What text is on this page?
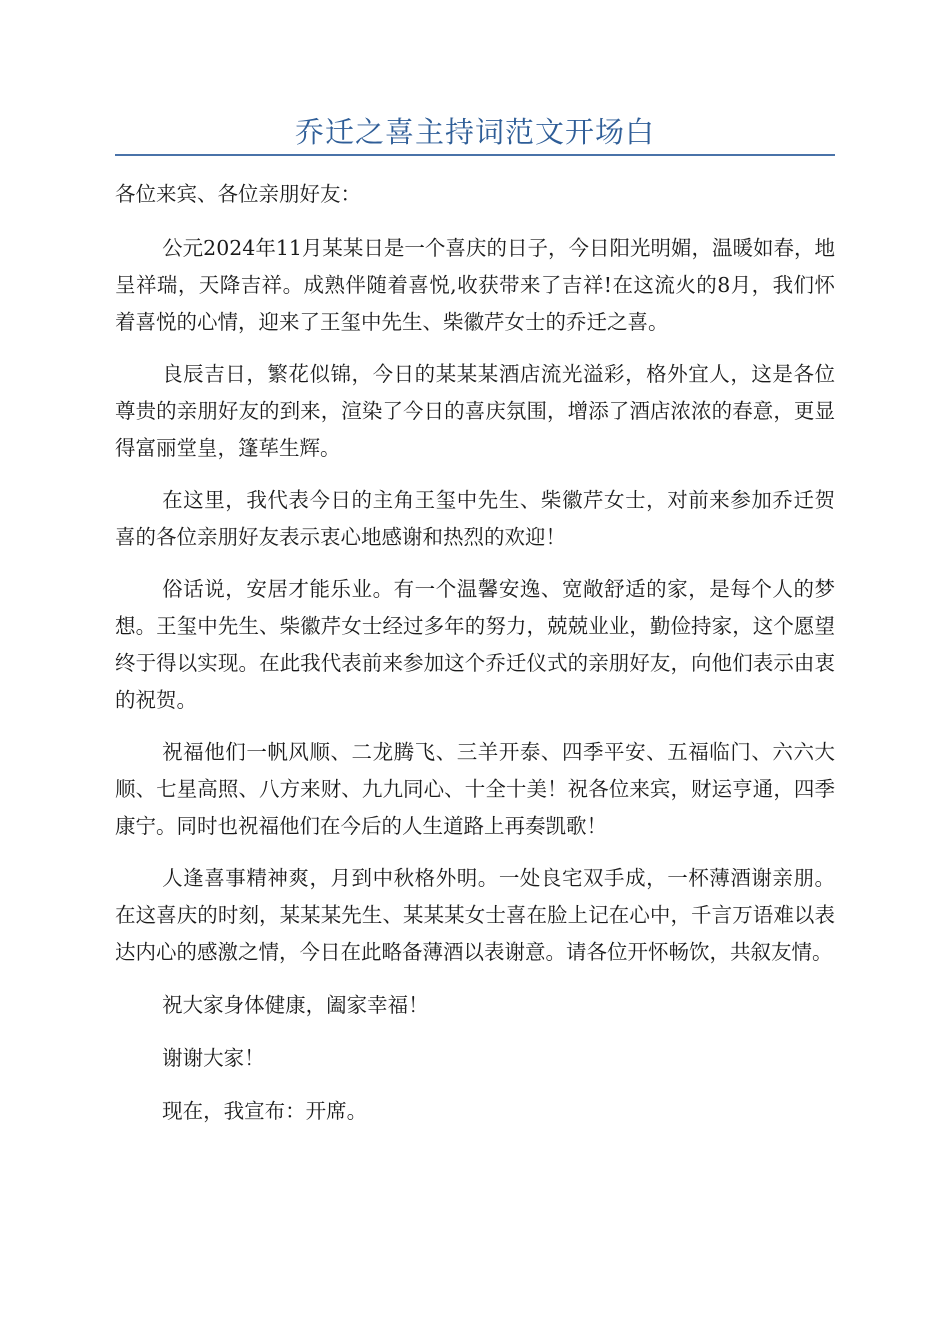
乔迁之喜主持词范文开场白

各位来宾、各位亲朋好友：

公元2024年11月某某日是一个喜庆的日子，今日阳光明媚，温暖如春，地呈祥瑞，天降吉祥。成熟伴随着喜悦,收获带来了吉祥!在这流火的8月，我们怀着喜悦的心情，迎来了王玺中先生、柴徽芹女士的乔迁之喜。

良辰吉日，繁花似锦，今日的某某某酒店流光溢彩，格外宜人，这是各位尊贵的亲朋好友的到来，渲染了今日的喜庆氛围，增添了酒店浓浓的春意，更显得富丽堂皇，篷荜生辉。

在这里，我代表今日的主角王玺中先生、柴徽芹女士，对前来参加乔迁贺喜的各位亲朋好友表示衷心地感谢和热烈的欢迎！

俗话说，安居才能乐业。有一个温馨安逸、宽敞舒适的家，是每个人的梦想。王玺中先生、柴徽芹女士经过多年的努力，兢兢业业，勤俭持家，这个愿望终于得以实现。在此我代表前来参加这个乔迁仪式的亲朋好友，向他们表示由衷的祝贺。

祝福他们一帆风顺、二龙腾飞、三羊开泰、四季平安、五福临门、六六大顺、七星高照、八方来财、九九同心、十全十美！祝各位来宾，财运亨通，四季康宁。同时也祝福他们在今后的人生道路上再奏凯歌！

人逢喜事精神爽，月到中秋格外明。一处良宅双手成，一杯薄酒谢亲朋。在这喜庆的时刻，某某某先生、某某某女士喜在脸上记在心中，千言万语难以表达内心的感激之情，今日在此略备薄酒以表谢意。请各位开怀畅饮，共叙友情。

祝大家身体健康，阖家幸福！

谢谢大家！

现在，我宣布：开席。
